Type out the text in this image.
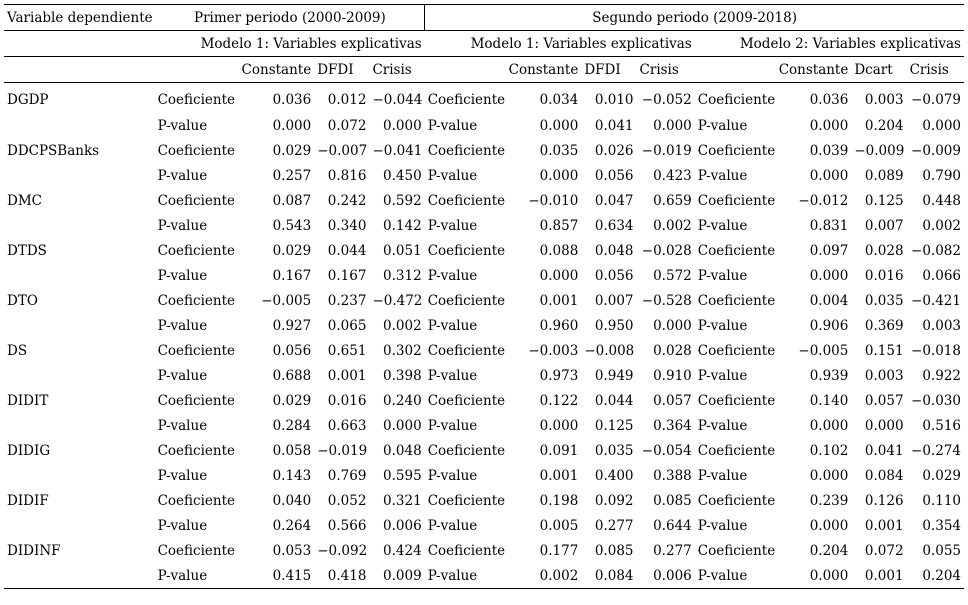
Variable dependiente	Primer periodo (2000-2009)				Segundo periodo (2009-2018)							
	Modelo 1: Variables explicativas				Modelo 1: Variables explicativas				Modelo 2: Variables explicativas			
		Constante	DFDI	Crisis		Constante	DFDI	Crisis		Constante	Dcart	Crisis
DGDP	Coeficiente	0.036	0.012	−0.044	Coeficiente	0.034	0.010	−0.052	Coeficiente	0.036	0.003	−0.079
	P-value	0.000	0.072	0.000	P-value	0.000	0.041	0.000	P-value	0.000	0.204	0.000
DDCPSBanks	Coeficiente	0.029	−0.007	−0.041	Coeficiente	0.035	0.026	−0.019	Coeficiente	0.039	−0.009	−0.009
	P-value	0.257	0.816	0.450	P-value	0.000	0.056	0.423	P-value	0.000	0.089	0.790
DMC	Coeficiente	0.087	0.242	0.592	Coeficiente	−0.010	0.047	0.659	Coeficiente	−0.012	0.125	0.448
	P-value	0.543	0.340	0.142	P-value	0.857	0.634	0.002	P-value	0.831	0.007	0.002
DTDS	Coeficiente	0.029	0.044	0.051	Coeficiente	0.088	0.048	−0.028	Coeficiente	0.097	0.028	−0.082
	P-value	0.167	0.167	0.312	P-value	0.000	0.056	0.572	P-value	0.000	0.016	0.066
DTO	Coeficiente	−0.005	0.237	−0.472	Coeficiente	0.001	0.007	−0.528	Coeficiente	0.004	0.035	−0.421
	P-value	0.927	0.065	0.002	P-value	0.960	0.950	0.000	P-value	0.906	0.369	0.003
DS	Coeficiente	0.056	0.651	0.302	Coeficiente	−0.003	−0.008	0.028	Coeficiente	−0.005	0.151	−0.018
	P-value	0.688	0.001	0.398	P-value	0.973	0.949	0.910	P-value	0.939	0.003	0.922
DIDIT	Coeficiente	0.029	0.016	0.240	Coeficiente	0.122	0.044	0.057	Coeficiente	0.140	0.057	−0.030
	P-value	0.284	0.663	0.000	P-value	0.000	0.125	0.364	P-value	0.000	0.000	0.516
DIDIG	Coeficiente	0.058	−0.019	0.048	Coeficiente	0.091	0.035	−0.054	Coeficiente	0.102	0.041	−0.274
	P-value	0.143	0.769	0.595	P-value	0.001	0.400	0.388	P-value	0.000	0.084	0.029
DIDIF	Coeficiente	0.040	0.052	0.321	Coeficiente	0.198	0.092	0.085	Coeficiente	0.239	0.126	0.110
	P-value	0.264	0.566	0.006	P-value	0.005	0.277	0.644	P-value	0.000	0.001	0.354
DIDINF	Coeficiente	0.053	−0.092	0.424	Coeficiente	0.177	0.085	0.277	Coeficiente	0.204	0.072	0.055
	P-value	0.415	0.418	0.009	P-value	0.002	0.084	0.006	P-value	0.000	0.001	0.204
